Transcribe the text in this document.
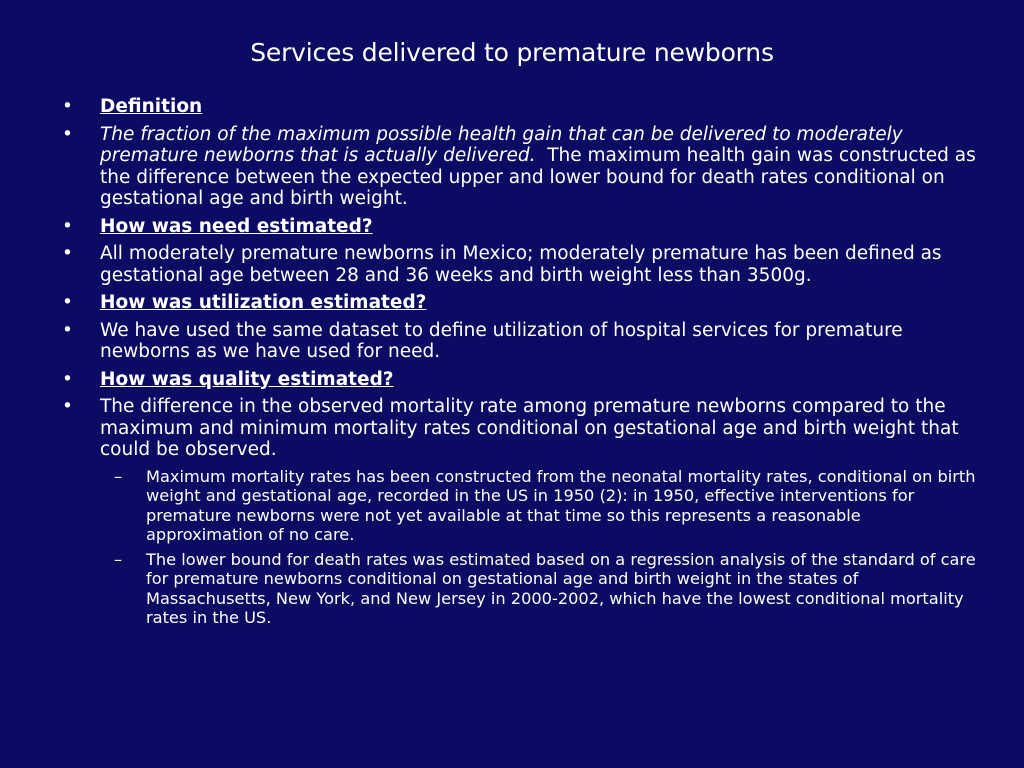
Services delivered to premature newborns
• Definition
• The fraction of the maximum possible health gain that can be delivered to moderately premature newborns that is actually delivered. The maximum health gain was constructed as the difference between the expected upper and lower bound for death rates conditional on gestational age and birth weight.
• How was need estimated?
• All moderately premature newborns in Mexico; moderately premature has been defined as gestational age between 28 and 36 weeks and birth weight less than 3500g.
• How was utilization estimated?
• We have used the same dataset to define utilization of hospital services for premature newborns as we have used for need.
• How was quality estimated?
• The difference in the observed mortality rate among premature newborns compared to the maximum and minimum mortality rates conditional on gestational age and birth weight that could be observed.
– Maximum mortality rates has been constructed from the neonatal mortality rates, conditional on birth weight and gestational age, recorded in the US in 1950 (2): in 1950, effective interventions for premature newborns were not yet available at that time so this represents a reasonable approximation of no care.
– The lower bound for death rates was estimated based on a regression analysis of the standard of care for premature newborns conditional on gestational age and birth weight in the states of Massachusetts, New York, and New Jersey in 2000-2002, which have the lowest conditional mortality rates in the US.
